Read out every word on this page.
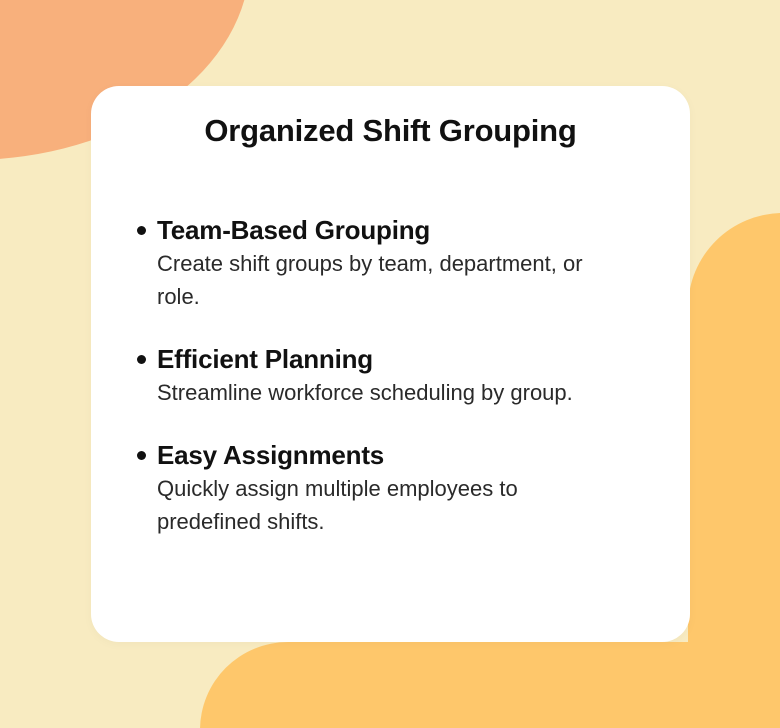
Organized Shift Grouping
Team-Based Grouping
Create shift groups by team, department, or role.
Efficient Planning
Streamline workforce scheduling by group.
Easy Assignments
Quickly assign multiple employees to predefined shifts.
